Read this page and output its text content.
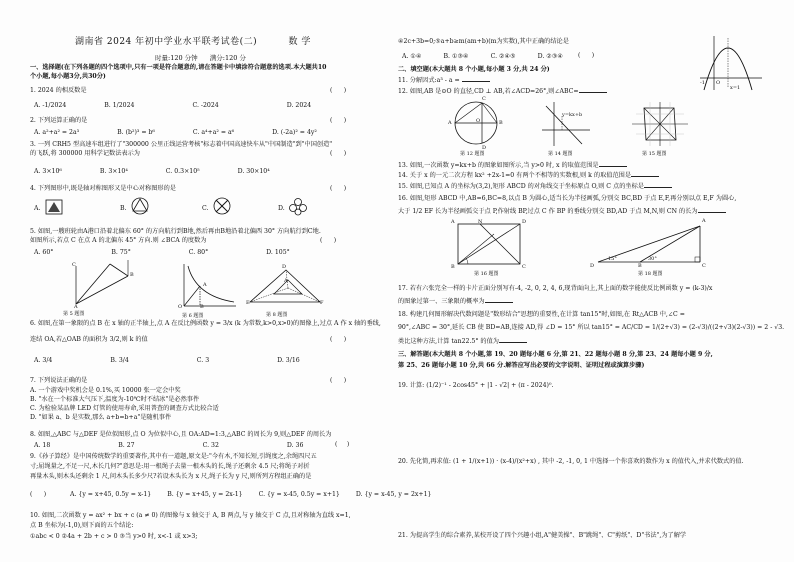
湖南省 2024 年初中学业水平联考试卷(二)	数 学
时量:120 分钟 满分:120 分
一、选择题(在下列各题的四个选项中,只有一项是符合题意的,请在答题卡中填涂符合题意的选项.本大题共10
个小题,每小题3分,共30分)
1. 2024 的相反数是	(      )
A. -1/2024	B. 1/2024	C. -2024	D. 2024
2. 下列运算正确的是	(      )
A. a²+a² = 2a³	B. (b²)³ = b⁶	C. a⁴+a² = a⁶	D. (-2a)² = 4y²
3. 一列 CRH5 型高速车组进行了"300000 公里正线运营考核"标志着中国高速快车从"中国制造"到"中国创造"
的飞跃,将 300000 用科学记数法表示为	(      )
A. 3×10⁶	B. 3×10⁴	C. 0.3×10⁵	D. 30×10⁴
4. 下列图形中,既是轴对称图形又是中心对称图形的是	(      )
A.	B.	C.	D.
5. 如图,一艘班轮由A港口沿着北偏东 60° 的方向航行到B地,然后再由B地沿着北偏西 30° 方向航行到C地.
如图所示,若点 C 在点 A 的北偏东 45° 方向.则 ∠BCA 的度数为	(      )
A. 60°	B. 75°	C. 80°	D. 105°
C
B
A
第 5 题图
O	B
A
第 6 题图
D
A
E	F
第 8 题图
6. 如图,在第一象限的点 B 在 x 轴的正半轴上,点 A 在反比例函数 y = 3/x (k 为常数,k>0,x>0)的图像上,过点 A 作 x 轴的垂线,
连结 OA,若△OAB 的面积为 3/2,则 k 的值	(      )
A. 3/4	B. 3/4	C. 3	D. 3/16
7. 下列说法正确的是	(      )
A. 一个游戏中奖机会是 0.1%,买 10000 张一定会中奖
B. "水在一个标准大气压下,温度为-10℃时不结冰"是必然事件
C. 为检验某品牌 LED 灯管的使用寿命,采用普查的调查方式比较合适
D. "如果 a、b 是实数,那么 a+b=b+a"是随机事件
8. 如图,△ABC 与△DEF 是位似图形,点 O 为位似中心,且 OA:AD=1:3,△ABC 的周长为 9,则△DEF 的周长为
(     )
A. 18	B. 27	C. 32	D. 36
9.《孙子算经》是中国传统数学的重要著作,其中有一道题,原文是:"今有木,不知长短,引绳度之,余绳四尺五
寸;屈绳量之,不足一尺,木长几何?"意思是:用一根绳子去量一根木头的长,绳子还剩余 4.5 尺;将绳子对折
再量木头,则木头还剩余 1 尺,问木头长多少尺?若设木头长为 x 尺,绳子长为 y 尺,则所列方程组正确的是
(      )	A. {y = x+45, 0.5y = x-1}	B. {y = x+45, y = 2x-1}	C. {y = x-45, 0.5y = x+1}	D. {y = x-45, y = 2x+1}
10. 如图,二次函数 y = ax² + bx + c (a ≠ 0) 的图像与 x 轴交于 A, B 两点,与 y 轴交于 C 点,且对称轴为直线 x=1,
点 B 坐标为(-1,0),则下面的五个结论:
①abc < 0 ②4a + 2b + c > 0 ③当 y>0 时, x<-1 或 x>3;
④2c+3b=0;⑤a+b≥m(am+b)(m为实数),其中正确的结论是
(      )
A. ①④	B. ①③④	C. ②④⑤	D. ②③④
-1 O
x=1
二、填空题(本大题共 8 个小题,每小题 3 分,共 24 分)
11. 分解因式:a³ - a =
12. 如图,AB 是⊙O 的直径,CD ⊥ AB,若∠ACD=26°,则∠ABC=
A	O	B
C
D
第 12 题图
y=kx+b
第 14 题图	第 15 题图
13. 如图,一次函数 y=kx+b 的图象如图所示,当 y>0 时, x 的取值范围是
14. 关于 x 的一元二次方程 kx² +2x-1=0 有两个不相等的实数根,则 k 的取值范围是
15. 如图,已知点 A 的坐标为(3,2),矩形 ABCD 的对角线交于坐标原点 O,则 C 点的坐标是
16. 如图,矩形 ABCD 中,AB=6,BC=8,以点 B 为圆心,适当长为半径画弧,分别交 BC,BD 于点 E,F,再分别以点 E,F 为圆心,
大于 1/2 EF 长为半径画弧交于点 P,作射线 BP,过点 C 作 BP 的垂线分别交 BD,AD 于点 M,N,则 CN 的长为
A	D
B	C
N
第 16 题图
A
D	B	C
15°	30°
第 18 题图
17. 若有六张完全一样的卡片正面分别写有-4, -2, 0, 2, 4, 6,现背面向上,其上面的数字能使反比例函数 y = (k-3)/x
的图象过第一、三象限的概率为
18. 构建几何图形解决代数问题是"数形结合"思想的重要性,在计算 tan15°时,如图,在 Rt△ACB 中,∠C =
90°,∠ABC = 30°,延长 CB 使 BD=AB,连接 AD,得 ∠D = 15° 所以 tan15° = AC/CD = 1/(2+√3) = (2-√3)/((2+√3)(2-√3)) = 2 - √3.
类比这种方法,计算 tan22.5° 的值为
三、解答题(本大题共 8 个小题,第 19、20 题每小题 6 分,第 21、22 题每小题 8 分,第 23、24 题每小题 9 分,
第 25、26 题每小题 10 分,共 66 分.解答应写出必要的文字说明、证明过程或演算步骤)
19. 计算: (1/2)⁻¹ - 2cos45° + |1 - √2| + (π - 2024)⁰.
20. 先化简,再求值: (1 + 1/(x+1)) · (x-4)/(x²+x) , 其中 -2, -1, 0, 1 中选择一个你喜欢的数作为 x 的值代入,并求代数式的值.
21. 为提高学生的综合素养,某校开设了四个兴趣小组,A"健美操"、B"跳绳"、C"剪纸"、D"书法",为了解学
